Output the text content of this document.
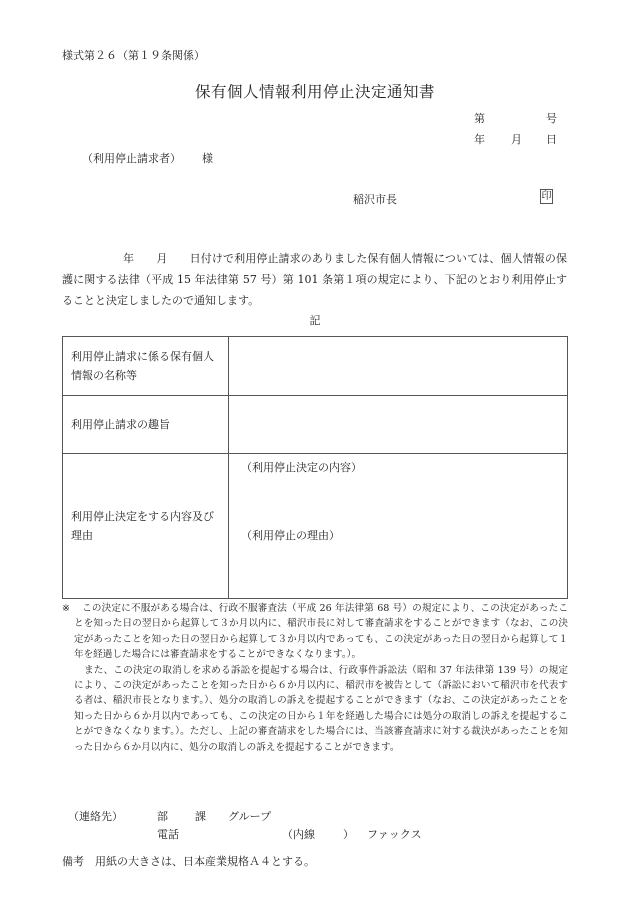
様式第２６（第１９条関係）
保有個人情報利用停止決定通知書
第	号
年 月 日
（利用停止請求者） 様
稲沢市長	印
年　　月　　日付けで利用停止請求のありました保有個人情報については、個人情報の保護に関する法律（平成 15 年法律第 57 号）第 101 条第１項の規定により、下記のとおり利用停止することと決定しましたので通知します。
記
利用停止請求に係る保有個人情報の名称等	
利用停止請求の趣旨	
利用停止決定をする内容及び理由	（利用停止決定の内容）
（利用停止の理由）

※ この決定に不服がある場合は、行政不服審査法（平成 26 年法律第 68 号）の規定により、この決定があったことを知った日の翌日から起算して３か月以内に、稲沢市長に対して審査請求をすることができます（なお、この決定があったことを知った日の翌日から起算して３か月以内であっても、この決定があった日の翌日から起算して１年を経過した場合には審査請求をすることができなくなります。）。

また、この決定の取消しを求める訴訟を提起する場合は、行政事件訴訟法（昭和 37 年法律第 139 号）の規定により、この決定があったことを知った日から６か月以内に、稲沢市を被告として（訴訟において稲沢市を代表する者は、稲沢市長となります。）、処分の取消しの訴えを提起することができます（なお、この決定があったことを知った日から６か月以内であっても、この決定の日から１年を経過した場合には処分の取消しの訴えを提起することができなくなります。）。ただし、上記の審査請求をした場合には、当該審査請求に対する裁決があったことを知った日から６か月以内に、処分の取消しの訴えを提起することができます。

（連絡先）	部 課 グループ
電話	（内線	） ファックス
備考　用紙の大きさは、日本産業規格Ａ４とする。
